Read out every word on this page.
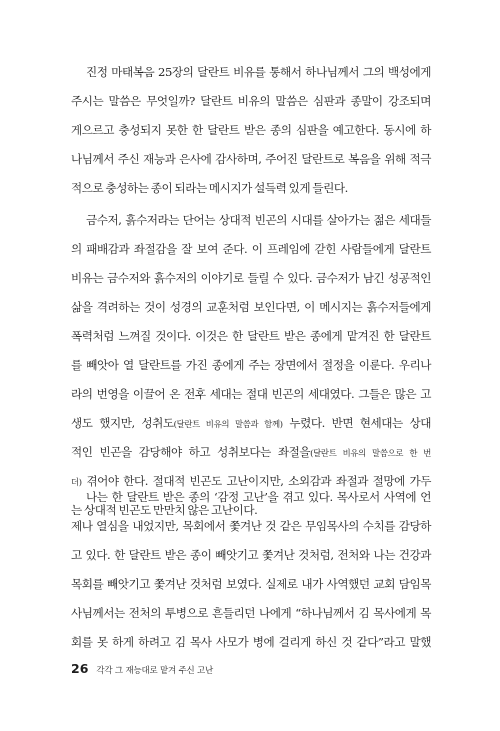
진정 마태복음 25장의 달란트 비유를 통해서 하나님께서 그의 백성에게
주시는 말씀은 무엇일까? 달란트 비유의 말씀은 심판과 종말이 강조되며
게으르고 충성되지 못한 한 달란트 받은 종의 심판을 예고한다. 동시에 하
나님께서 주신 재능과 은사에 감사하며, 주어진 달란트로 복음을 위해 적극
적으로 충성하는 종이 되라는 메시지가 설득력 있게 들린다.
금수저, 흙수저라는 단어는 상대적 빈곤의 시대를 살아가는 젊은 세대들
의 패배감과 좌절감을 잘 보여 준다. 이 프레임에 갇힌 사람들에게 달란트
비유는 금수저와 흙수저의 이야기로 들릴 수 있다. 금수저가 남긴 성공적인
삶을 격려하는 것이 성경의 교훈처럼 보인다면, 이 메시지는 흙수저들에게
폭력처럼 느껴질 것이다. 이것은 한 달란트 받은 종에게 맡겨진 한 달란트
를 빼앗아 열 달란트를 가진 종에게 주는 장면에서 절정을 이룬다. 우리나
라의 번영을 이끌어 온 전후 세대는 절대 빈곤의 세대였다. 그들은 많은 고
생도 했지만, 성취도(달란트 비유의 말씀과 함께) 누렸다. 반면 현세대는 상대
적인 빈곤을 감당해야 하고 성취보다는 좌절을(달란트 비유의 말씀으로 한 번
더) 겪어야 한다. 절대적 빈곤도 고난이지만, 소외감과 좌절과 절망에 가두
는 상대적 빈곤도 만만치 않은 고난이다.
나는 한 달란트 받은 종의 ‘감정 고난’을 겪고 있다. 목사로서 사역에 언
제나 열심을 내었지만, 목회에서 쫓겨난 것 같은 무임목사의 수치를 감당하
고 있다. 한 달란트 받은 종이 빼앗기고 쫓겨난 것처럼, 전처와 나는 건강과
목회를 빼앗기고 쫓겨난 것처럼 보였다. 실제로 내가 사역했던 교회 담임목
사님께서는 전처의 투병으로 흔들리던 나에게 “하나님께서 김 목사에게 목
회를 못 하게 하려고 김 목사 사모가 병에 걸리게 하신 것 같다”라고 말했
26 각각 그 재능대로 맡겨 주신 고난
